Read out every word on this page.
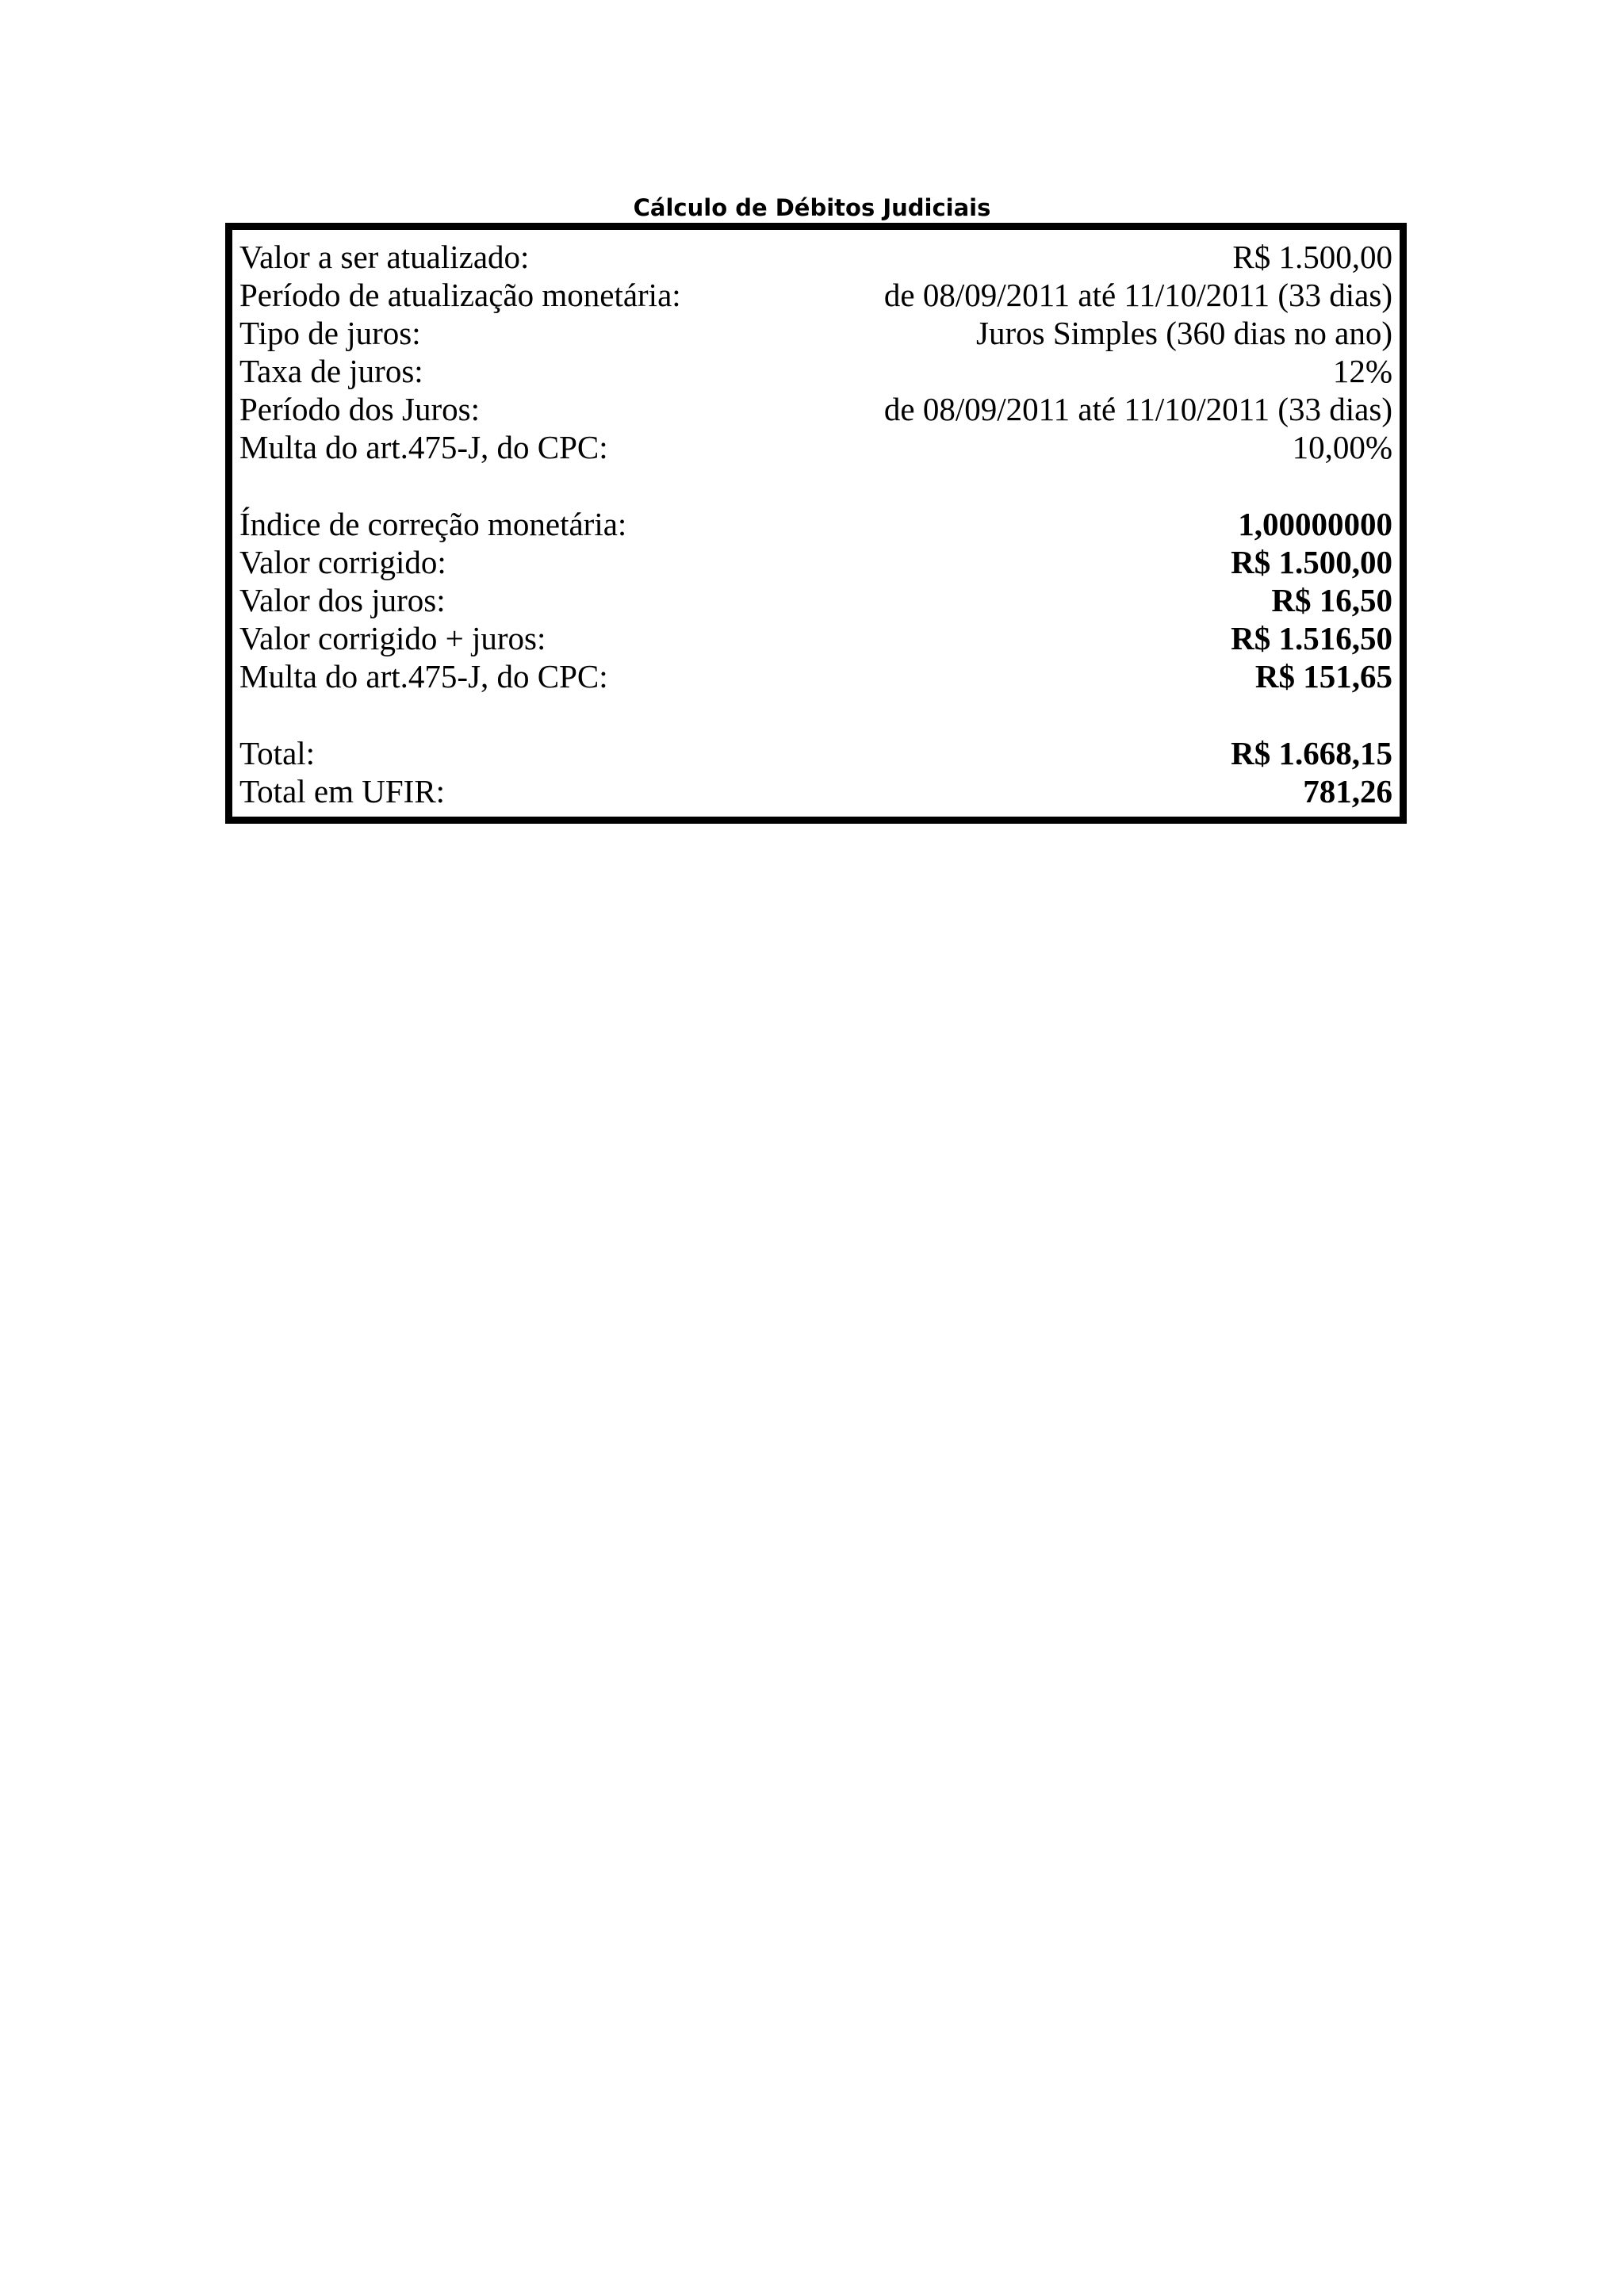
Cálculo de Débitos Judiciais
Valor a ser atualizado:	R$ 1.500,00
Período de atualização monetária:	de 08/09/2011 até 11/10/2011 (33 dias)
Tipo de juros:	Juros Simples (360 dias no ano)
Taxa de juros:	12%
Período dos Juros:	de 08/09/2011 até 11/10/2011 (33 dias)
Multa do art.475-J, do CPC:	10,00%
Índice de correção monetária:	1,00000000
Valor corrigido:	R$ 1.500,00
Valor dos juros:	R$ 16,50
Valor corrigido + juros:	R$ 1.516,50
Multa do art.475-J, do CPC:	R$ 151,65
Total:	R$ 1.668,15
Total em UFIR:	781,26
